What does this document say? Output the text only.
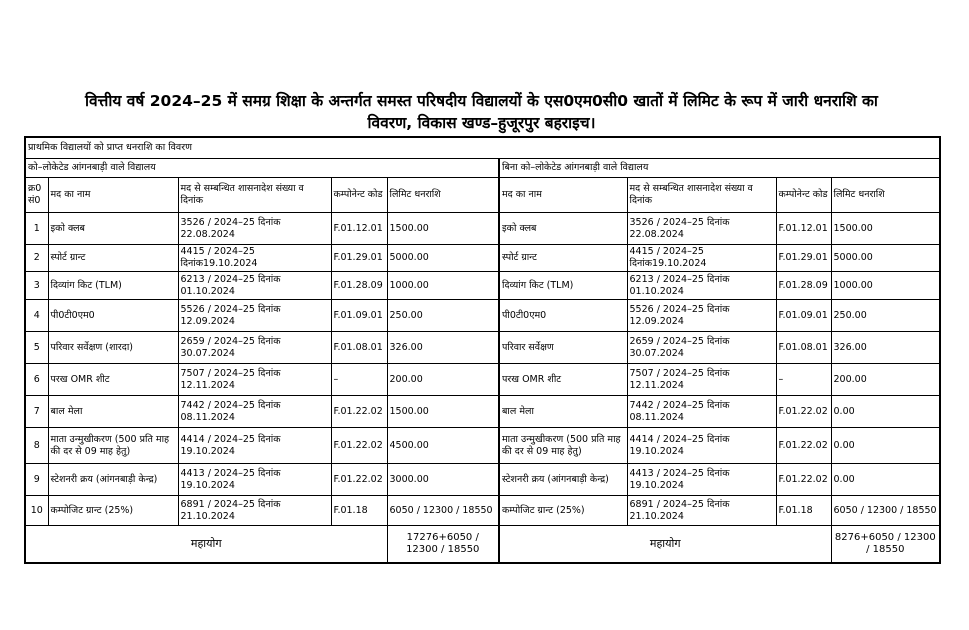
वित्तीय वर्ष 2024–25 में समग्र शिक्षा के अन्तर्गत समस्त परिषदीय विद्यालयों के एस0एम0सी0 खातों में लिमिट के रूप में जारी धनराशि का
विवरण, विकास खण्ड–हुजूरपुर बहराइच।
प्राथमिक विद्यालयों को प्राप्त धनराशि का विवरण								
को–लोकेटेड आंगनबाड़ी वाले विद्यालय					बिना को–लोकेटेड आंगनबाड़ी वाले विद्यालय			
क्र0 सं0	मद का नाम	मद से सम्बन्धित शासनादेश संख्या व दिनांक	कम्पोनेन्ट कोड	लिमिट धनराशि	मद का नाम	मद से सम्बन्धित शासनादेश संख्या व दिनांक	कम्पोनेन्ट कोड	लिमिट धनराशि
1	इको क्लब	3526 / 2024–25 दिनांक 22.08.2024	F.01.12.01	1500.00	इको क्लब	3526 / 2024–25 दिनांक 22.08.2024	F.01.12.01	1500.00
2	स्पोर्ट ग्रान्ट	4415 / 2024–25 दिनांक19.10.2024	F.01.29.01	5000.00	स्पोर्ट ग्रान्ट	4415 / 2024–25 दिनांक19.10.2024	F.01.29.01	5000.00
3	दिव्यांग किट (TLM)	6213 / 2024–25 दिनांक 01.10.2024	F.01.28.09	1000.00	दिव्यांग किट (TLM)	6213 / 2024–25 दिनांक 01.10.2024	F.01.28.09	1000.00
4	पी0टी0एम0	5526 / 2024–25 दिनांक 12.09.2024	F.01.09.01	250.00	पी0टी0एम0	5526 / 2024–25 दिनांक 12.09.2024	F.01.09.01	250.00
5	परिवार सर्वेक्षण (शारदा)	2659 / 2024–25 दिनांक 30.07.2024	F.01.08.01	326.00	परिवार सर्वेक्षण	2659 / 2024–25 दिनांक 30.07.2024	F.01.08.01	326.00
6	परख OMR शीट	7507 / 2024–25 दिनांक 12.11.2024	–	200.00	परख OMR शीट	7507 / 2024–25 दिनांक 12.11.2024	–	200.00
7	बाल मेला	7442 / 2024–25 दिनांक 08.11.2024	F.01.22.02	1500.00	बाल मेला	7442 / 2024–25 दिनांक 08.11.2024	F.01.22.02	0.00
8	माता उन्मुखीकरण (500 प्रति माह की दर से 09 माह हेतु)	4414 / 2024–25 दिनांक 19.10.2024	F.01.22.02	4500.00	माता उन्मुखीकरण (500 प्रति माह की दर से 09 माह हेतु)	4414 / 2024–25 दिनांक 19.10.2024	F.01.22.02	0.00
9	स्टेशनरी क्रय (आंगनबाड़ी केन्द्र)	4413 / 2024–25 दिनांक 19.10.2024	F.01.22.02	3000.00	स्टेशनरी क्रय (आंगनबाड़ी केन्द्र)	4413 / 2024–25 दिनांक 19.10.2024	F.01.22.02	0.00
10	कम्पोजिट ग्रान्ट (25%)	6891 / 2024–25 दिनांक 21.10.2024	F.01.18	6050 / 12300 / 18550	कम्पोजिट ग्रान्ट (25%)	6891 / 2024–25 दिनांक 21.10.2024	F.01.18	6050 / 12300 / 18550
महायोग				17276+6050 / 12300 / 18550	महायोग			8276+6050 / 12300 / 18550
